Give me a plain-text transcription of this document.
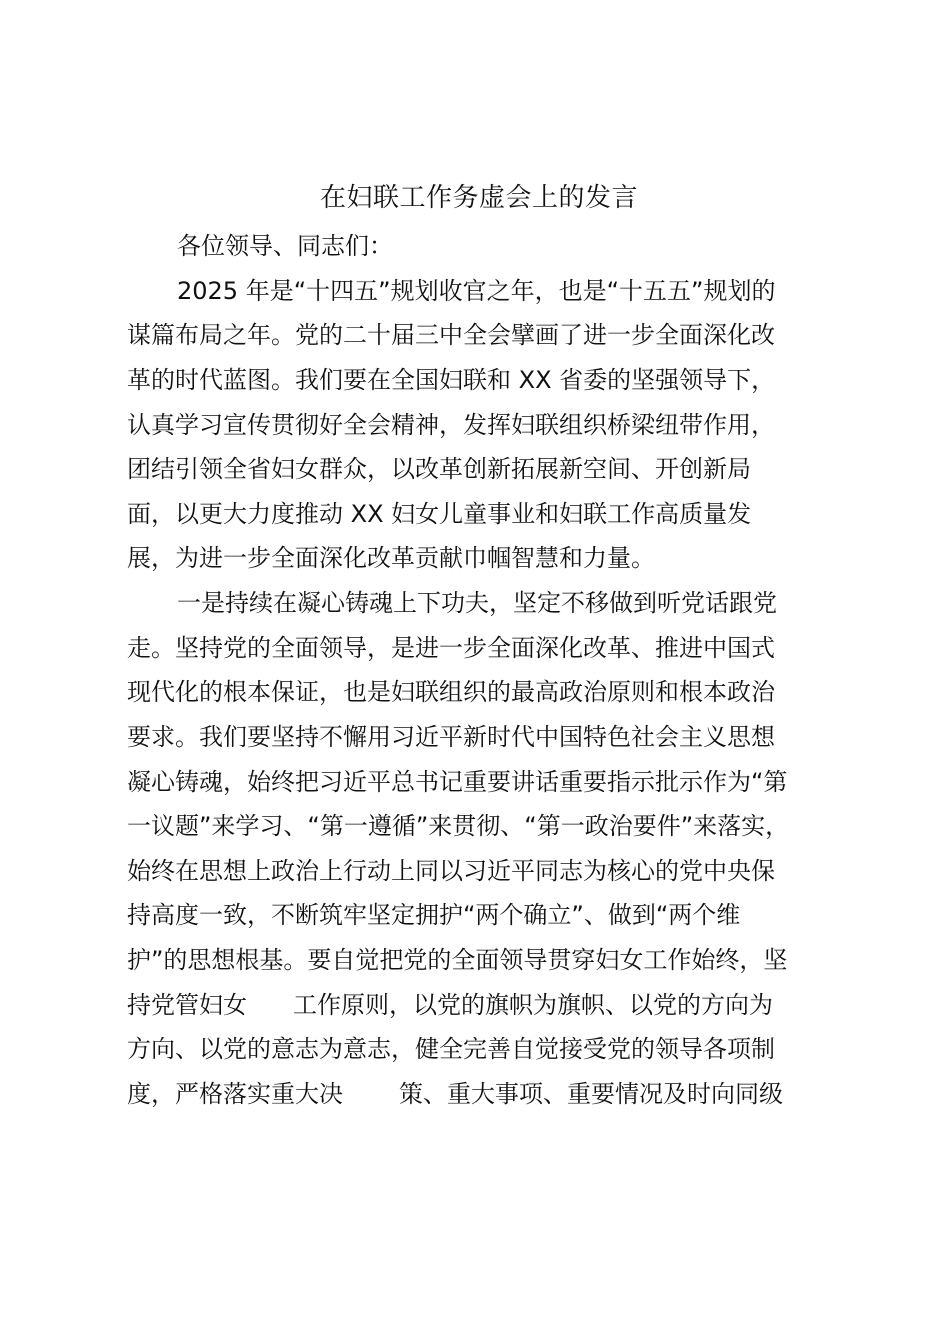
在妇联工作务虚会上的发言

各位领导、同志们：

2025 年是“十四五”规划收官之年，也是“十五五”规划的

谋篇布局之年。党的二十届三中全会擘画了进一步全面深化改

革的时代蓝图。我们要在全国妇联和 XX 省委的坚强领导下，

认真学习宣传贯彻好全会精神，发挥妇联组织桥梁纽带作用，

团结引领全省妇女群众，以改革创新拓展新空间、开创新局

面，以更大力度推动 XX 妇女儿童事业和妇联工作高质量发

展，为进一步全面深化改革贡献巾帼智慧和力量。

一是持续在凝心铸魂上下功夫，坚定不移做到听党话跟党

走。坚持党的全面领导，是进一步全面深化改革、推进中国式

现代化的根本保证，也是妇联组织的最高政治原则和根本政治

要求。我们要坚持不懈用习近平新时代中国特色社会主义思想

凝心铸魂，始终把习近平总书记重要讲话重要指示批示作为“第

一议题”来学习、“第一遵循”来贯彻、“第一政治要件”来落实，

始终在思想上政治上行动上同以习近平同志为核心的党中央保

持高度一致，不断筑牢坚定拥护“两个确立”、做到“两个维

护”的思想根基。要自觉把党的全面领导贯穿妇女工作始终，坚

持党管妇女 工作原则，以党的旗帜为旗帜、以党的方向为

方向、以党的意志为意志，健全完善自觉接受党的领导各项制

度，严格落实重大决 策、重大事项、重要情况及时向同级
